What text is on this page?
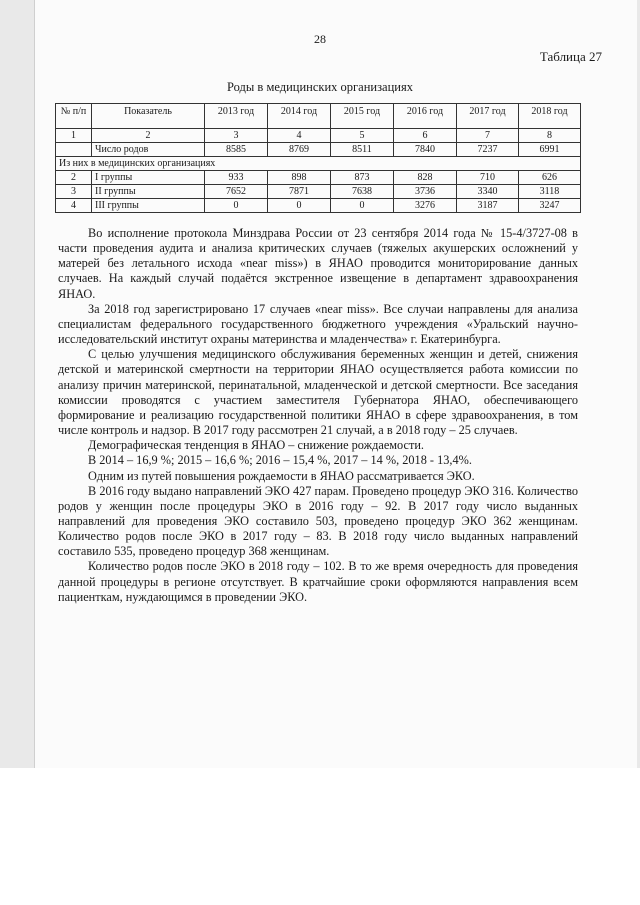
28
Таблица 27
Роды в медицинских организациях
№ п/п	Показатель	2013 год	2014 год	2015 год	2016 год	2017 год	2018 год
1	2	3	4	5	6	7	8
	Число родов	8585	8769	8511	7840	7237	6991
Из них в медицинских организациях							
2	I группы	933	898	873	828	710	626
3	II группы	7652	7871	7638	3736	3340	3118
4	III группы	0	0	0	3276	3187	3247

Во исполнение протокола Минздрава России от 23 сентября 2014 года № 15-4/3727-08 в части проведения аудита и анализа критических случаев (тяжелых акушерских осложнений у матерей без летального исхода «near miss») в ЯНАО проводится мониторирование данных случаев. На каждый случай подаётся экстренное извещение в департамент здравоохранения ЯНАО.

За 2018 год зарегистрировано 17 случаев «near miss». Все случаи направлены для анализа специалистам федерального государственного бюджетного учреждения «Уральский научно-исследовательский институт охраны материнства и младенчества» г. Екатеринбурга.

С целью улучшения медицинского обслуживания беременных женщин и детей, снижения детской и материнской смертности на территории ЯНАО осуществляется работа комиссии по анализу причин материнской, перинатальной, младенческой и детской смертности. Все заседания комиссии проводятся с участием заместителя Губернатора ЯНАО, обеспечивающего формирование и реализацию государственной политики ЯНАО в сфере здравоохранения, в том числе контроль и надзор. В 2017 году рассмотрен 21 случай, а в 2018 году – 25 случаев.

Демографическая тенденция в ЯНАО – снижение рождаемости.

В 2014 – 16,9 %; 2015 – 16,6 %; 2016 – 15,4 %, 2017 – 14 %, 2018 - 13,4%.

Одним из путей повышения рождаемости в ЯНАО рассматривается ЭКО.

В 2016 году выдано направлений ЭКО 427 парам. Проведено процедур ЭКО 316. Количество родов у женщин после процедуры ЭКО в 2016 году – 92. В 2017 году число выданных направлений для проведения ЭКО составило 503, проведено процедур ЭКО 362 женщинам. Количество родов после ЭКО в 2017 году – 83. В 2018 году число выданных направлений составило 535, проведено процедур 368 женщинам.

Количество родов после ЭКО в 2018 году – 102. В то же время очередность для проведения данной процедуры в регионе отсутствует. В кратчайшие сроки оформляются направления всем пациенткам, нуждающимся в проведении ЭКО.
